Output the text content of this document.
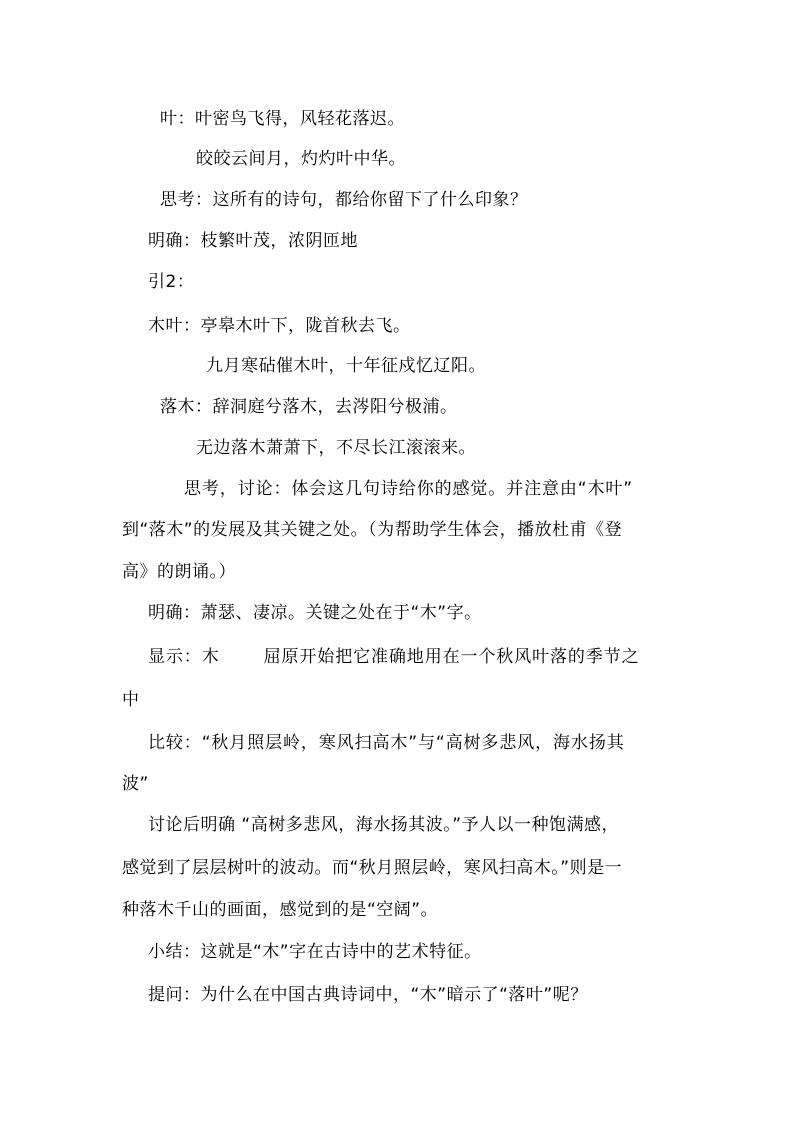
叶：叶密鸟飞得，风轻花落迟。
皎皎云间月，灼灼叶中华。
思考：这所有的诗句，都给你留下了什么印象？
明确：枝繁叶茂，浓阴匝地
引2：
木叶：亭皋木叶下，陇首秋去飞。
九月寒砧催木叶，十年征戍忆辽阳。
落木：辞洞庭兮落木，去涔阳兮极浦。
无边落木萧萧下，不尽长江滚滚来。
思考，讨论：体会这几句诗给你的感觉。并注意由“木叶”
到“落木”的发展及其关键之处。（为帮助学生体会，播放杜甫《登
高》的朗诵。）
明确：萧瑟、凄凉。关键之处在于“木”字。
显示：木	屈原开始把它准确地用在一个秋风叶落的季节之
中
比较：“秋月照层岭，寒风扫高木”与“高树多悲风，海水扬其
波”
讨论后明确 “高树多悲风，海水扬其波。”予人以一种饱满感，
感觉到了层层树叶的波动。而“秋月照层岭，寒风扫高木。”则是一
种落木千山的画面，感觉到的是“空阔”。
小结：这就是“木”字在古诗中的艺术特征。
提问：为什么在中国古典诗词中，“木”暗示了“落叶”呢？
